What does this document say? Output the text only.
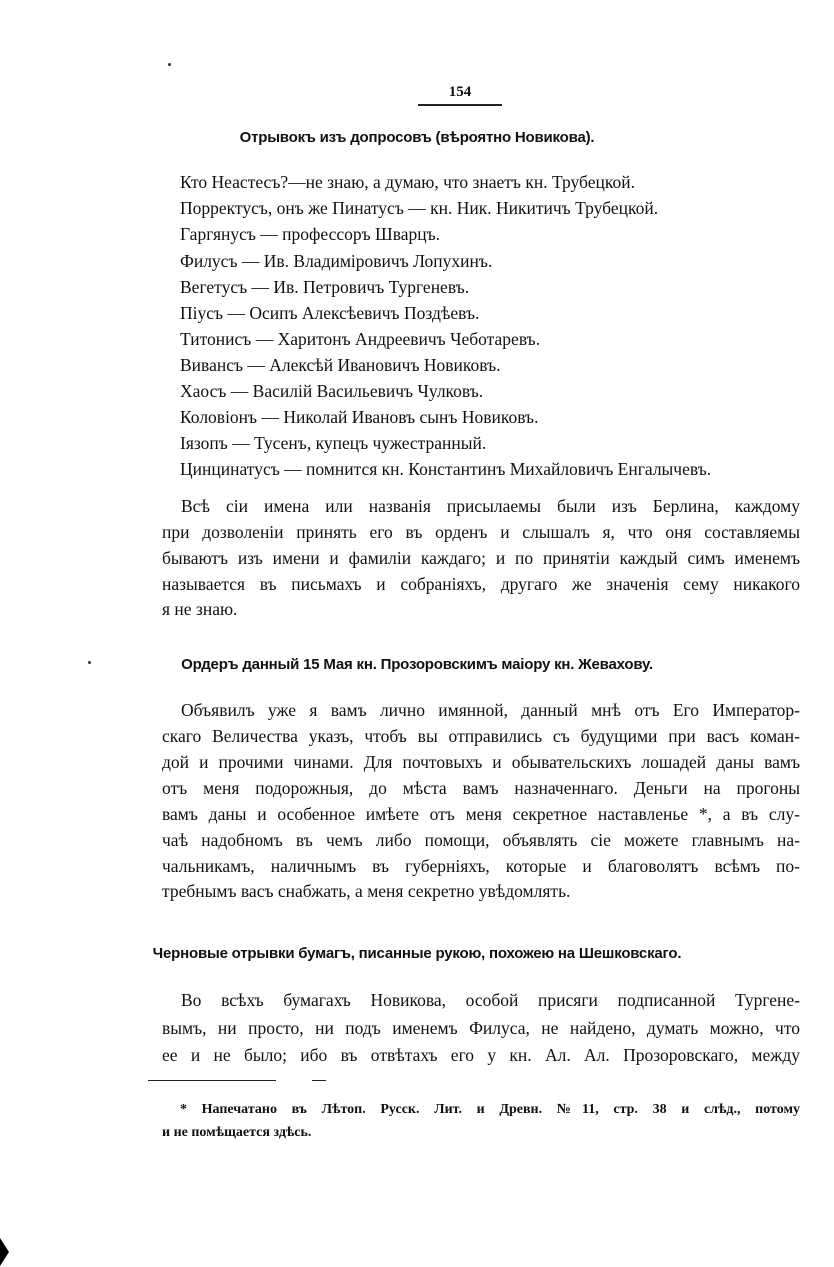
154
Отрывокъ изъ допросовъ (вѣроятно Новикова).
Кто Неастесъ?—не знаю, а думаю, что знаетъ кн. Трубецкой.
Порректусъ, онъ же Пинатусъ — кн. Ник. Никитичъ Трубецкой.
Гаргянусъ — профессоръ Шварцъ.
Филусъ — Ив. Владимiровичъ Лопухинъ.
Вегетусъ — Ив. Петровичъ Тургеневъ.
Пiусъ — Осипъ Алексѣевичъ Поздѣевъ.
Титонисъ — Харитонъ Андреевичъ Чеботаревъ.
Вивансъ — Алексѣй Ивановичъ Новиковъ.
Хаосъ — Василiй Васильевичъ Чулковъ.
Коловiонъ — Николай Ивановъ сынъ Новиковъ.
Iязопъ — Тусенъ, купецъ чужестранный.
Цинцинатусъ — помнится кн. Константинъ Михайловичъ Енгалычевъ.
Всѣ сiи имена или названiя присылаемы были изъ Берлина, каждому
при дозволенiи принять его въ орденъ и слышалъ я, что оня составляемы
бываютъ изъ имени и фамилiи каждаго; и по принятiи каждый симъ именемъ
называется въ письмахъ и собранiяхъ, другаго же значенiя сему никакого
я не знаю.
Ордеръ данный 15 Мая кн. Прозоровскимъ маiору кн. Жевахову.
Объявилъ уже я вамъ лично имянной, данный мнѣ отъ Его Император-
скаго Величества указъ, чтобъ вы отправились съ будущими при васъ коман-
дой и прочими чинами. Для почтовыхъ и обывательскихъ лошадей даны вамъ
отъ меня подорожныя, до мѣста вамъ назначеннаго. Деньги на прогоны
вамъ даны и особенное имѣете отъ меня секретное наставленье *, а въ слу-
чаѣ надобномъ въ чемъ либо помощи, объявлять сiе можете главнымъ на-
чальникамъ, наличнымъ въ губернiяхъ, которые и благоволятъ всѣмъ по-
требнымъ васъ снабжать, а меня секретно увѣдомлять.
Черновые отрывки бумагъ, писанные рукою, похожею на Шешковскаго.
Во всѣхъ бумагахъ Новикова, особой присяги подписанной Тургене-
вымъ, ни просто, ни подъ именемъ Филуса, не найдено, думать можно, что
ее и не было; ибо въ отвѣтахъ его у кн. Ал. Ал. Прозоровскаго, между
* Напечатано въ Лѣтоп. Русск. Лит. и Древн. №11, стр. 38 и слѣд., потому
и не помѣщается здѣсь.
